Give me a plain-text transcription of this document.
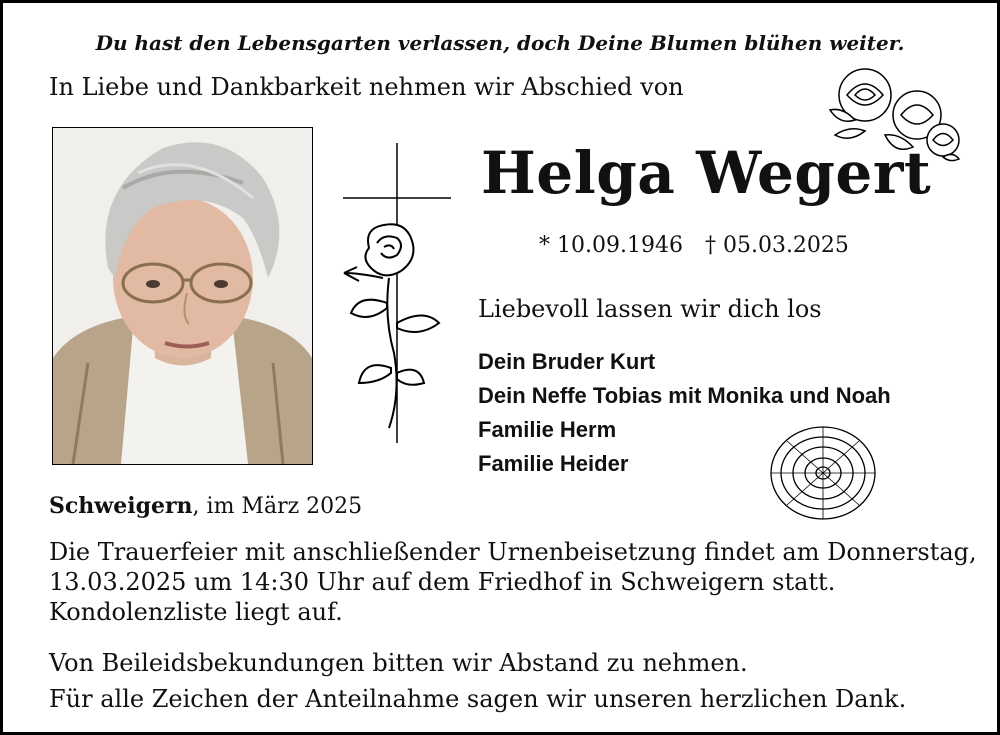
Du hast den Lebensgarten verlassen, doch Deine Blumen blühen weiter.
In Liebe und Dankbarkeit nehmen wir Abschied von
Helga Wegert
* 10.09.1946 † 05.03.2025
Liebevoll lassen wir dich los
Dein Bruder Kurt
Dein Neffe Tobias mit Monika und Noah
Familie Herm
Familie Heider
Schweigern, im März 2025
Die Trauerfeier mit anschließender Urnenbeisetzung findet am Donnerstag,
13.03.2025 um 14:30 Uhr auf dem Friedhof in Schweigern statt.
Kondolenzliste liegt auf.
Von Beileidsbekundungen bitten wir Abstand zu nehmen.
Für alle Zeichen der Anteilnahme sagen wir unseren herzlichen Dank.
